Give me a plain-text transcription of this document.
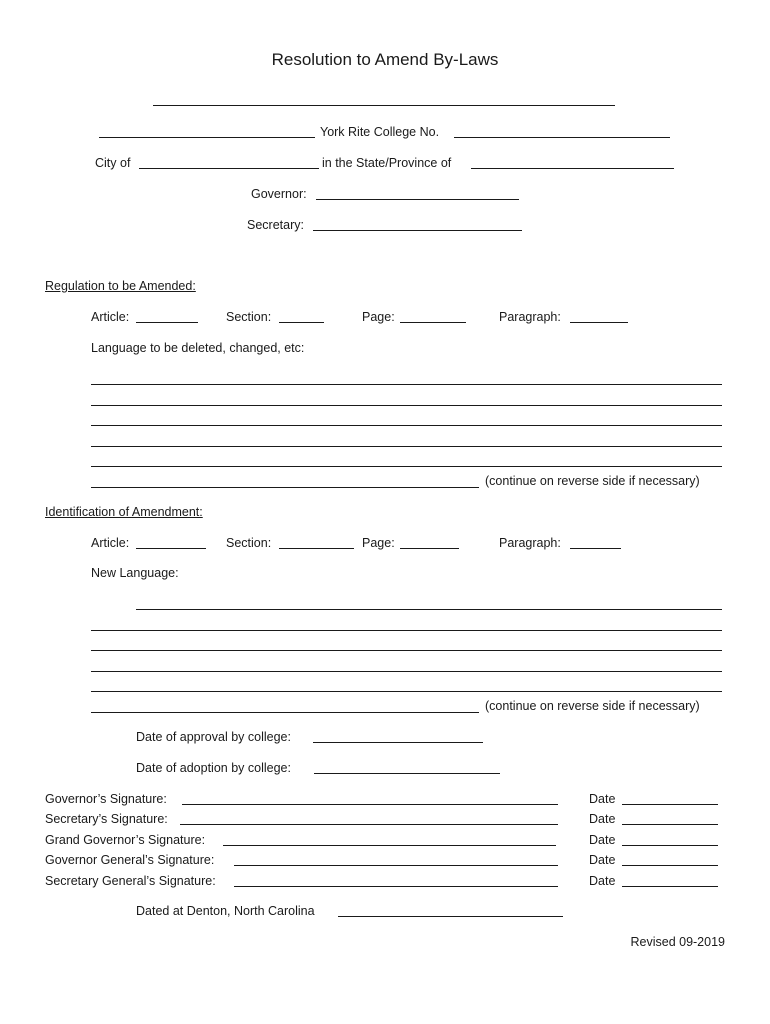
Resolution to Amend By-Laws
York Rite College No.
City of	in the State/Province of
Governor:
Secretary:
Regulation to be Amended:
Article:	Section:	Page:	Paragraph:
Language to be deleted, changed, etc:
(continue on reverse side if necessary)
Identification of Amendment:
Article:	Section:	Page:	Paragraph:
New Language:
(continue on reverse side if necessary)
Date of approval by college:
Date of adoption by college:
Governor’s Signature:	Date
Secretary’s Signature:	Date
Grand Governor’s Signature:	Date
Governor General’s Signature:	Date
Secretary General’s Signature:	Date
Dated at Denton, North Carolina
Revised 09-2019
